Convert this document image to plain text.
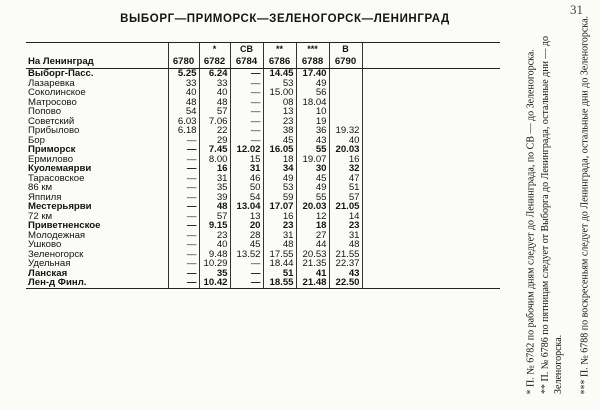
31
ВЫБОРГ—ПРИМОРСК—ЗЕЛЕНОГОРСК—ЛЕНИНГРАД
		*	СВ	**	***	В	
На Ленинград	6780	6782	6784	6786	6788	6790	
Выборг-Пасс.	5.25	6.24	—	14.45	17.40		
Лазаревка	33	33	—	53	49		
Соколинское	40	40	—	15.00	56		
Матросово	48	48	—	08	18.04		
Попово	54	57	—	13	10		
Советский	6.03	7.06	—	23	19		
Прибылово	6.18	22	—	38	36	19.32	
Бор	—	29	—	45	43	40	
Приморск	—	7.45	12.02	16.05	55	20.03	
Ермилово	—	8.00	15	18	19.07	16	
Куолемаярви	—	16	31	34	30	32	
Тарасовское	—	31	46	49	45	47	
86 км	—	35	50	53	49	51	
Яппиля	—	39	54	59	55	57	
Местерьярви	—	48	13.04	17.07	20.03	21.05	
72 км	—	57	13	16	12	14	
Приветненское	—	9.15	20	23	18	23	
Молодежная	—	23	28	31	27	31	
Ушково	—	40	45	48	44	48	
Зеленогорск	—	9.48	13.52	17.55	20.53	21.55	
Удельная	—	10.29	—	18.44	21.35	22.37	
Ланская	—	35	—	51	41	43	
Лен-д Финл.	—	10.42	—	18.55	21.48	22.50		* П. № 6782 по рабочим дням следует до Ленинграда, по СВ — до Зеленогорска. ** П. № 6786 по пятницам следует от Выборга до Ленинграда, остальные дни — до Зеленогорска. *** П. № 6788 по воскресеньям следует до Ленинграда, остальные дни до Зеленогорска.
